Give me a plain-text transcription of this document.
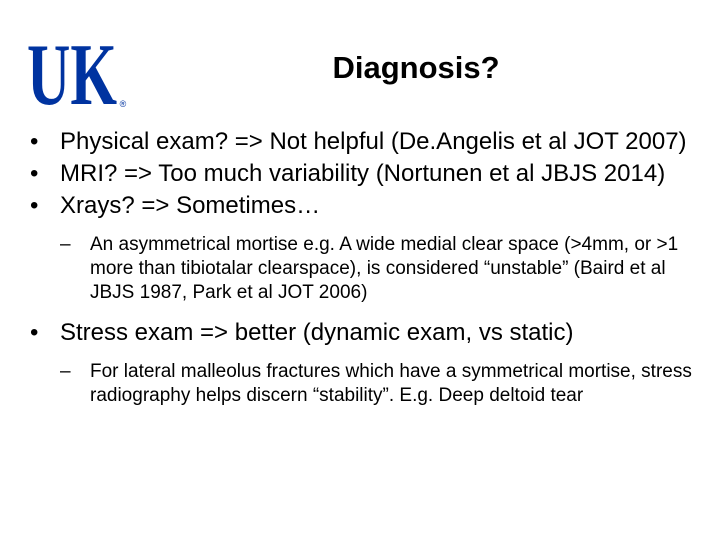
UK ®
Diagnosis?
• Physical exam? => Not helpful (De.Angelis et al JOT 2007)
• MRI? => Too much variability (Nortunen et al JBJS 2014)
• Xrays? => Sometimes…
– An asymmetrical mortise e.g. A wide medial clear space (>4mm, or >1 more than tibiotalar clearspace), is considered “unstable” (Baird et al JBJS 1987, Park et al JOT 2006)
• Stress exam => better (dynamic exam, vs static)
– For lateral malleolus fractures which have a symmetrical mortise, stress radiography helps discern “stability”. E.g. Deep deltoid tear
